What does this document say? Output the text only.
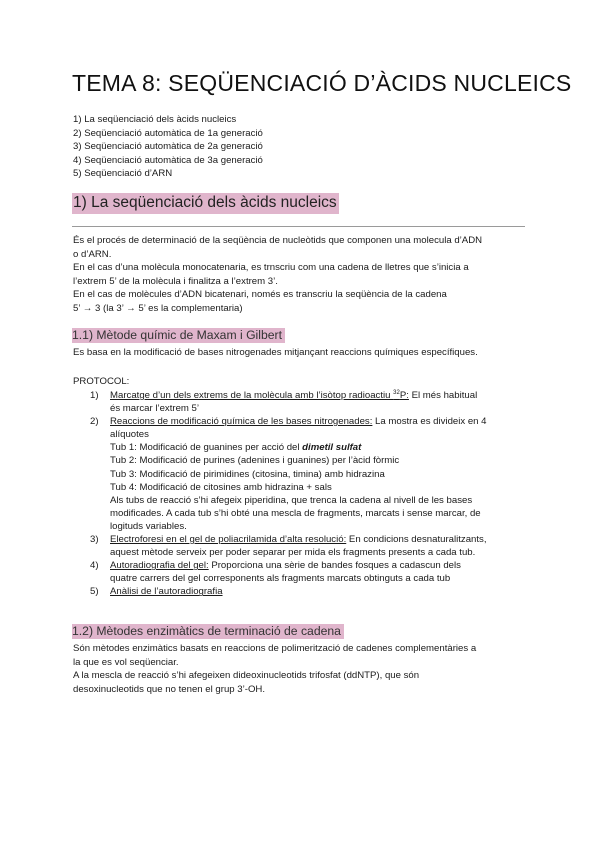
TEMA 8: SEQÜENCIACIÓ D’ÀCIDS NUCLEICS
1) La seqüenciació dels àcids nucleics
2) Seqüenciació automàtica de 1a generació
3) Seqüenciació automàtica de 2a generació
4) Seqüenciació automàtica de 3a generació
5) Seqüenciació d’ARN
1) La seqüenciació dels àcids nucleics
És el procés de determinació de la seqüència de nucleòtids que componen una molecula d’ADN
o d’ARN.
En el cas d’una molècula monocatenaria, es trnscriu com una cadena de lletres que s’inicia a
l’extrem 5’ de la molècula i finalitza a l’extrem 3’.
En el cas de molècules d’ADN bicatenari, només es transcriu la seqüència de la cadena
5’ → 3 (la 3’ → 5’ es la complementaria)
1.1) Mètode químic de Maxam i Gilbert
Es basa en la modificació de bases nitrogenades mitjançant reaccions químiques específiques.
PROTOCOL:
1) Marcatge d’un dels extrems de la molècula amb l’isòtop radioactiu $^{32}$P: El més habitual
és marcar l’extrem 5’
2) Reaccions de modificació química de les bases nitrogenades: La mostra es divideix en 4
alíquotes
Tub 1: Modificació de guanines per acció del dimetil sulfat
Tub 2: Modificació de purines (adenines i guanines) per l’àcid fòrmic
Tub 3: Modificació de pirimidines (citosina, timina) amb hidrazina
Tub 4: Modificació de citosines amb hidrazina + sals
Als tubs de reacció s’hi afegeix piperidina, que trenca la cadena al nivell de les bases
modificades. A cada tub s’hi obté una mescla de fragments, marcats i sense marcar, de
logituds variables.
3) Electroforesi en el gel de poliacrilamida d’alta resolució: En condicions desnaturalitzants,
aquest mètode serveix per poder separar per mida els fragments presents a cada tub.
4) Autoradiografia del gel: Proporciona una sèrie de bandes fosques a cadascun dels
quatre carrers del gel corresponents als fragments marcats obtinguts a cada tub
5) Anàlisi de l’autoradiografia
1.2) Mètodes enzimàtics de terminació de cadena
Són mètodes enzimàtics basats en reaccions de polimerització de cadenes complementàries a
la que es vol seqüenciar.
A la mescla de reacció s’hi afegeixen dideoxinucleotids trifosfat (ddNTP), que són
desoxinucleotids que no tenen el grup 3’-OH.
